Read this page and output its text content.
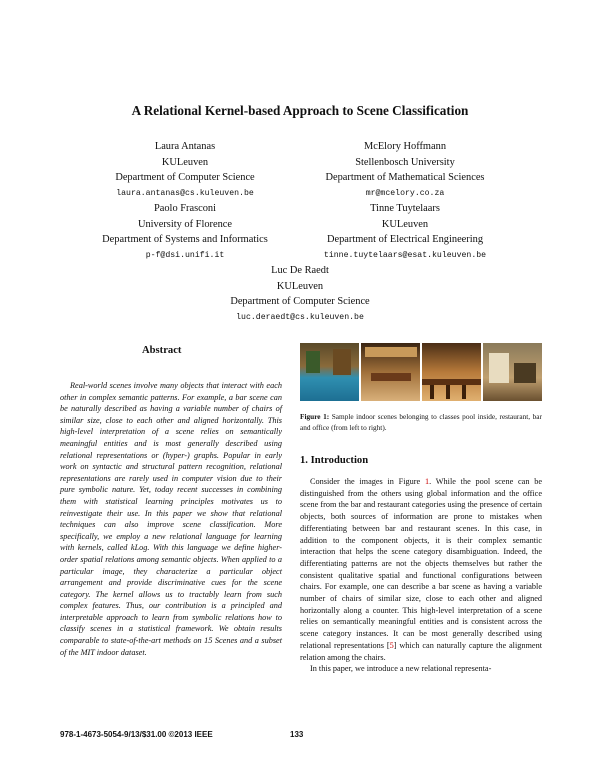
A Relational Kernel-based Approach to Scene Classification
Laura Antanas
KULeuven
Department of Computer Science
laura.antanas@cs.kuleuven.be
McElory Hoffmann
Stellenbosch University
Department of Mathematical Sciences
mr@mcelory.co.za
Paolo Frasconi
University of Florence
Department of Systems and Informatics
p-f@dsi.unifi.it
Tinne Tuytelaars
KULeuven
Department of Electrical Engineering
tinne.tuytelaars@esat.kuleuven.be
Luc De Raedt
KULeuven
Department of Computer Science
luc.deraedt@cs.kuleuven.be
Abstract
Real-world scenes involve many objects that interact with each other in complex semantic patterns. For example, a bar scene can be naturally described as having a variable number of chairs of similar size, close to each other and aligned horizontally. This high-level interpretation of a scene relies on semantically meaningful entities and is most generally described using relational representations or (hyper-) graphs. Popular in early work on syntactic and structural pattern recognition, relational representations are rarely used in computer vision due to their pure symbolic nature. Yet, today recent successes in combining them with statistical learning principles motivates us to reinvestigate their use. In this paper we show that relational techniques can also improve scene classification. More specifically, we employ a new relational language for learning with kernels, called kLog. With this language we define higher-order spatial relations among semantic objects. When applied to a particular image, they characterize a particular object arrangement and provide discriminative cues for the scene category. The kernel allows us to tractably learn from such complex features. Thus, our contribution is a principled and interpretable approach to learn from symbolic relations how to classify scenes in a statistical framework. We obtain results comparable to state-of-the-art methods on 15 Scenes and a subset of the MIT indoor dataset.
Figure 1: Sample indoor scenes belonging to classes pool inside, restaurant, bar and office (from left to right).
1. Introduction

Consider the images in Figure 1. While the pool scene can be distinguished from the others using global information and the office scene from the bar and restaurant categories using the presence of certain objects, both sources of information are prone to mistakes when differentiating between bar and restaurant scenes. In this case, in addition to the component objects, it is their complex semantic interaction that helps the scene category disambiguation. Indeed, the differentiating patterns are not the objects themselves but rather the consistent qualitative spatial and functional configurations between chairs. For example, one can describe a bar scene as having a variable number of chairs of similar size, close to each other and aligned horizontally along a counter. This high-level interpretation of a scene relies on semantically meaningful entities and is consistent across the scene category instances. It can be most generally described using relational representations [5] which can naturally capture the alignment relation among the chairs.

In this paper, we introduce a new relational representa-

978-1-4673-5054-9/13/$31.00 ©2013 IEEE	133
